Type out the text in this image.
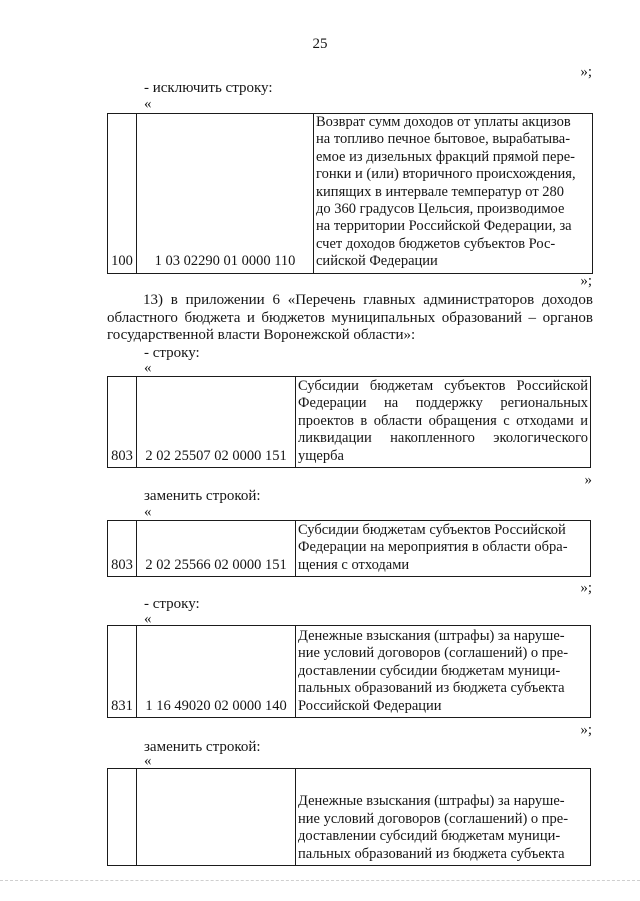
25
»;
- исключить строку:
«
100	1 03 02290 01 0000 110	
Возврат сумм доходов от уплаты акцизов
на топливо печное бытовое, вырабатыва-
емое из дизельных фракций прямой пере-
гонки и (или) вторичного происхождения,
кипящих в интервале температур от 280
до 360 градусов Цельсия, производимое
на территории Российской Федерации, за
счет доходов бюджетов субъектов Рос-
сийской Федерации
»;
13) в приложении 6 «Перечень главных администраторов доходов
областного бюджета и бюджетов муниципальных образований – органов
государственной власти Воронежской области»:
- строку:
«
803	2 02 25507 02 0000 151	
Субсидии бюджетам субъектов Российской
Федерации на поддержку региональных
проектов в области обращения с отходами и
ликвидации накопленного экологического
ущерба
»
заменить строкой:
«
803	2 02 25566 02 0000 151	
Субсидии бюджетам субъектов Российской
Федерации на мероприятия в области обра-
щения с отходами
»;
- строку:
«
831	1 16 49020 02 0000 140	
Денежные взыскания (штрафы) за наруше-
ние условий договоров (соглашений) о пре-
доставлении субсидии бюджетам муници-
пальных образований из бюджета субъекта
Российской Федерации
»;
заменить строкой:
«

Денежные взыскания (штрафы) за наруше-
ние условий договоров (соглашений) о пре-
доставлении субсидий бюджетам муници-
пальных образований из бюджета субъекта
